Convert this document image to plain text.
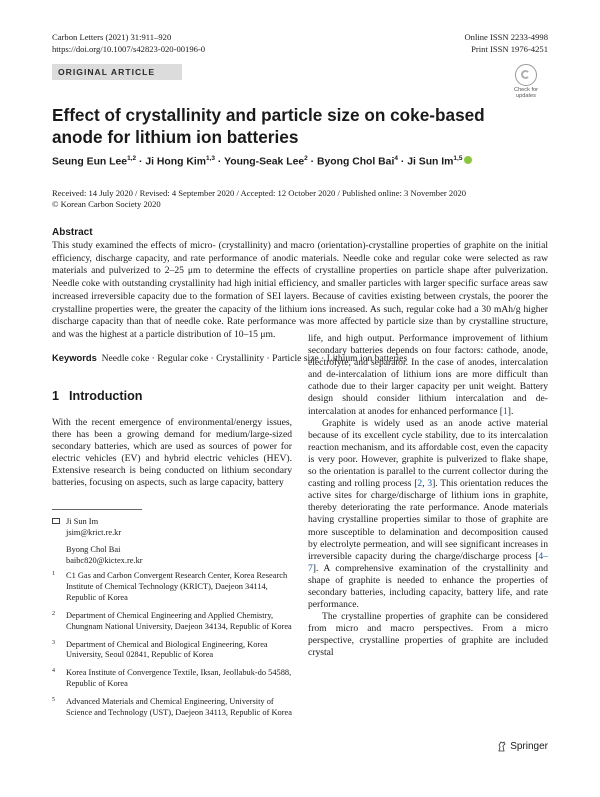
Carbon Letters (2021) 31:911–920
https://doi.org/10.1007/s42823-020-00196-0
Online ISSN 2233-4998
Print ISSN 1976-4251
ORIGINAL ARTICLE
Check for
updates
Effect of crystallinity and particle size on coke-based anode for lithium ion batteries
Seung Eun Lee$^{1,2}$ · Ji Hong Kim$^{1,3}$ · Young-Seak Lee$^2$ · Byong Chol Bai$^4$ · Ji Sun Im$^{1,5}$
Received: 14 July 2020 / Revised: 4 September 2020 / Accepted: 12 October 2020 / Published online: 3 November 2020
© Korean Carbon Society 2020
Abstract

This study examined the effects of micro- (crystallinity) and macro (orientation)-crystalline properties of graphite on the initial efficiency, discharge capacity, and rate performance of anodic materials. Needle coke and regular coke were selected as raw materials and pulverized to 2–25 μm to determine the effects of crystalline properties on particle shape after pulverization. Needle coke with outstanding crystallinity had high initial efficiency, and smaller particles with larger specific surface areas saw increased irreversible capacity due to the formation of SEI layers. Because of cavities existing between crystals, the poorer the crystalline properties were, the greater the capacity of the lithium ions increased. As such, regular coke had a 30 mAh/g higher discharge capacity than that of needle coke. Rate performance was more affected by particle size than by crystalline structure, and was the highest at a particle distribution of 10–15 μm.

Keywords Needle coke · Regular coke · Crystallinity · Particle size · Lithium ion batteries
1 Introduction

With the recent emergence of environmental/energy issues, there has been a growing demand for medium/large-sized secondary batteries, which are used as sources of power for electric vehicles (EV) and hybrid electric vehicles (HEV). Extensive research is being conducted on lithium secondary batteries, focusing on aspects, such as large capacity, battery

Ji Sun Im
jsim@krict.re.kr
Byong Chol Bai
baibc820@kictex.re.kr
1 C1 Gas and Carbon Convergent Research Center, Korea Research Institute of Chemical Technology (KRICT), Daejeon 34114, Republic of Korea
2 Department of Chemical Engineering and Applied Chemistry, Chungnam National University, Daejeon 34134, Republic of Korea
3 Department of Chemical and Biological Engineering, Korea University, Seoul 02841, Republic of Korea
4 Korea Institute of Convergence Textile, Iksan, Jeollabuk-do 54588, Republic of Korea
5 Advanced Materials and Chemical Engineering, University of Science and Technology (UST), Daejeon 34113, Republic of Korea

life, and high output. Performance improvement of lithium secondary batteries depends on four factors: cathode, anode, electrolyte, and separator. In the case of anodes, intercalation and de-intercalation of lithium ions are more difficult than cathode due to their larger capacity per unit weight. Battery design should consider lithium intercalation and de-intercalation at anodes for enhanced performance [1].

Graphite is widely used as an anode active material because of its excellent cycle stability, due to its intercalation reaction mechanism, and its affordable cost, even the capacity is very poor. However, graphite is pulverized to flake shape, so the orientation is parallel to the current collector during the casting and rolling process [2, 3]. This orientation reduces the active sites for charge/discharge of lithium ions in graphite, thereby deteriorating the rate performance. Anode materials having crystalline properties similar to those of graphite are more susceptible to delamination and decomposition caused by electrolyte permeation, and will see significant increases in irreversible capacity during the charge/discharge process [4–7]. A comprehensive examination of the crystallinity and shape of graphite is needed to enhance the properties of secondary batteries, including capacity, battery life, and rate performance.

The crystalline properties of graphite can be considered from micro and macro perspectives. From a micro perspective, crystalline properties of graphite are included crystal

Springer
